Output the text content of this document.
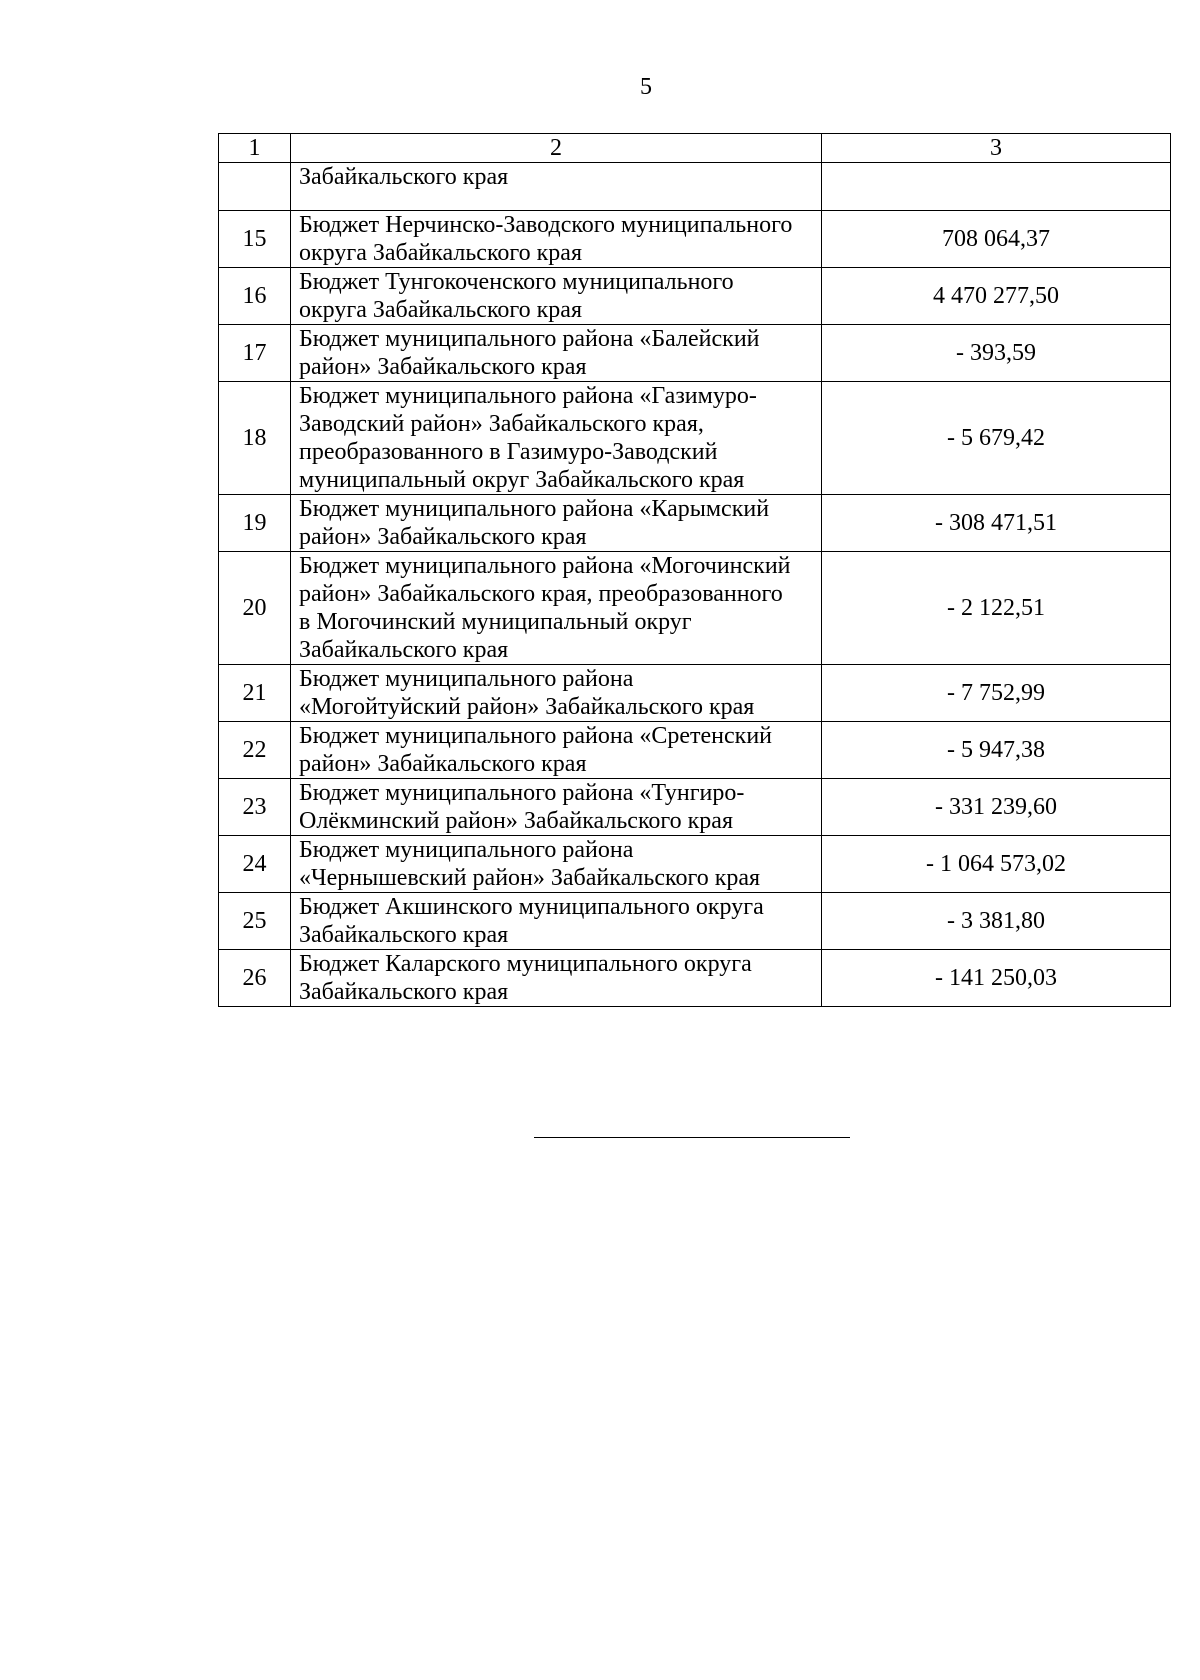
5
1	2	3

	Забайкальского края	

15	Бюджет Нерчинско-Заводского муниципального
округа Забайкальского края	708 064,37
16	Бюджет Тунгокоченского муниципального
округа Забайкальского края	4 470 277,50
17	Бюджет муниципального района «Балейский
район» Забайкальского края	- 393,59
18	Бюджет муниципального района «Газимуро-
Заводский район» Забайкальского края,
преобразованного в Газимуро-Заводский
муниципальный округ Забайкальского края	- 5 679,42
19	Бюджет муниципального района «Карымский
район» Забайкальского края	- 308 471,51
20	Бюджет муниципального района «Могочинский
район» Забайкальского края, преобразованного
в Могочинский муниципальный округ
Забайкальского края	- 2 122,51
21	Бюджет муниципального района
«Могойтуйский район» Забайкальского края	- 7 752,99
22	Бюджет муниципального района «Сретенский
район» Забайкальского края	- 5 947,38
23	Бюджет муниципального района «Тунгиро-
Олёкминский район» Забайкальского края	- 331 239,60
24	Бюджет муниципального района
«Чернышевский район» Забайкальского края	- 1 064 573,02
25	Бюджет Акшинского муниципального округа
Забайкальского края	- 3 381,80
26	Бюджет Каларского муниципального округа
Забайкальского края	- 141 250,03
